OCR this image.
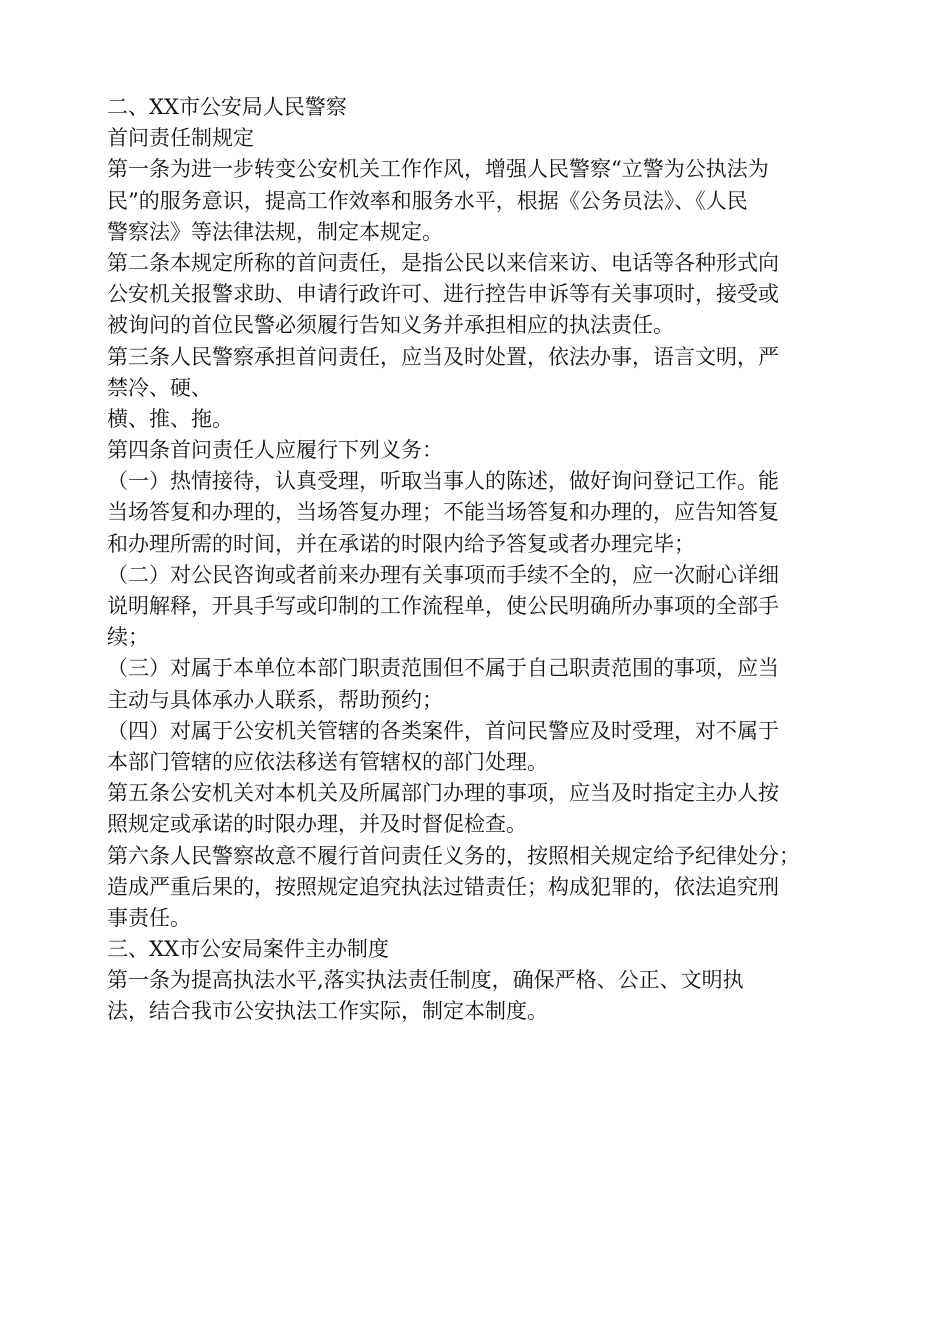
二、XX市公安局人民警察
首问责任制规定
第一条为进一步转变公安机关工作作风，增强人民警察“立警为公执法为
民”的服务意识，提高工作效率和服务水平，根据《公务员法》、《人民
警察法》等法律法规，制定本规定。
第二条本规定所称的首问责任，是指公民以来信来访、电话等各种形式向
公安机关报警求助、申请行政许可、进行控告申诉等有关事项时，接受或
被询问的首位民警必须履行告知义务并承担相应的执法责任。
第三条人民警察承担首问责任，应当及时处置，依法办事，语言文明，严
禁冷、硬、
横、推、拖。
第四条首问责任人应履行下列义务：
（一）热情接待，认真受理，听取当事人的陈述，做好询问登记工作。能
当场答复和办理的，当场答复办理；不能当场答复和办理的，应告知答复
和办理所需的时间，并在承诺的时限内给予答复或者办理完毕；
（二）对公民咨询或者前来办理有关事项而手续不全的，应一次耐心详细
说明解释，开具手写或印制的工作流程单，使公民明确所办事项的全部手
续；
（三）对属于本单位本部门职责范围但不属于自己职责范围的事项，应当
主动与具体承办人联系，帮助预约；
（四）对属于公安机关管辖的各类案件，首问民警应及时受理，对不属于
本部门管辖的应依法移送有管辖权的部门处理。
第五条公安机关对本机关及所属部门办理的事项，应当及时指定主办人按
照规定或承诺的时限办理，并及时督促检查。
第六条人民警察故意不履行首问责任义务的，按照相关规定给予纪律处分；
造成严重后果的，按照规定追究执法过错责任；构成犯罪的，依法追究刑
事责任。
三、XX市公安局案件主办制度
第一条为提高执法水平,落实执法责任制度，确保严格、公正、文明执
法，结合我市公安执法工作实际，制定本制度。
